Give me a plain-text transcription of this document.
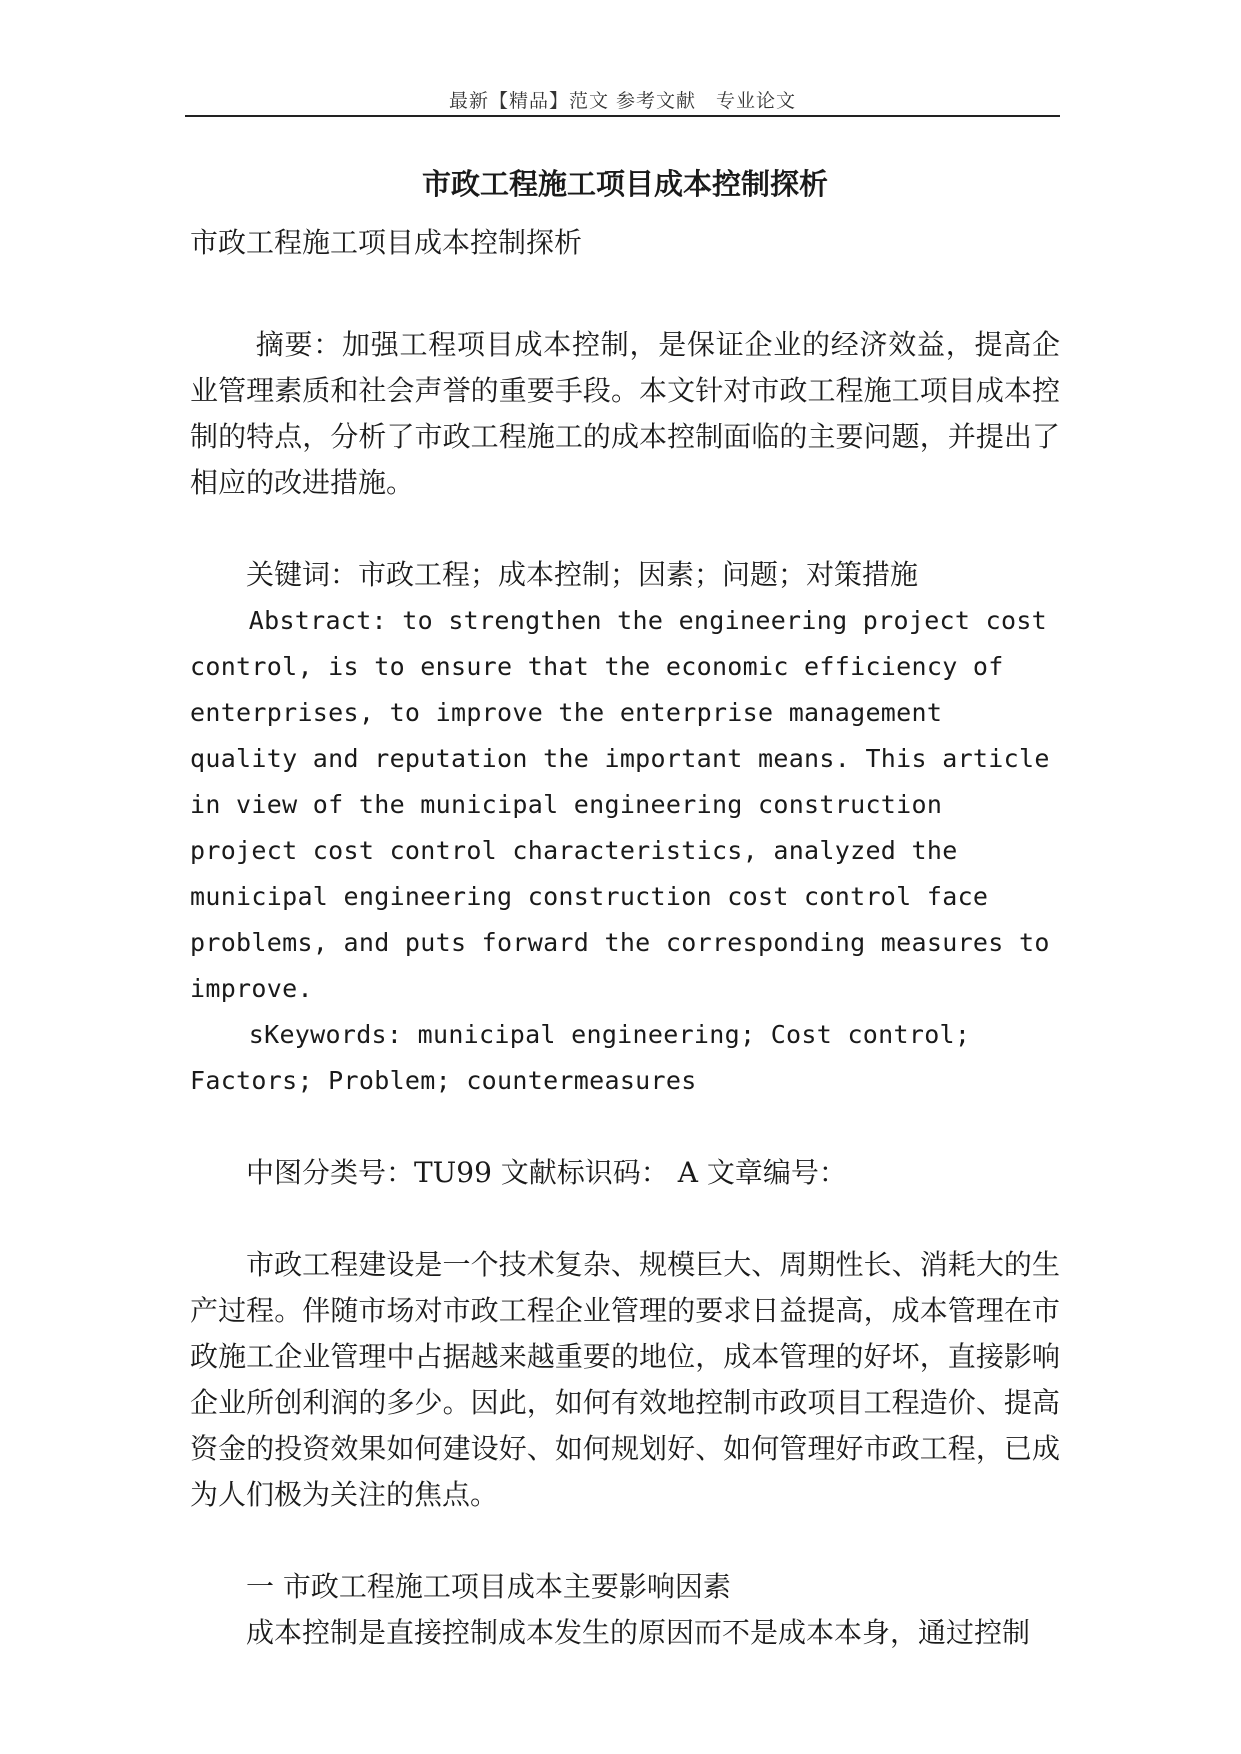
最新【精品】范文 参考文献　专业论文
市政工程施工项目成本控制探析

市政工程施工项目成本控制探析

摘要：加强工程项目成本控制，是保证企业的经济效益，提高企业管理素质和社会声誉的重要手段。本文针对市政工程施工项目成本控制的特点，分析了市政工程施工的成本控制面临的主要问题，并提出了相应的改进措施。

关键词：市政工程；成本控制；因素；问题；对策措施

Abstract: to strengthen the engineering project cost control, is to ensure that the economic efficiency of enterprises, to improve the enterprise management quality and reputation the important means. This article in view of the municipal engineering construction project cost control characteristics, analyzed the municipal engineering construction cost control face problems, and puts forward the corresponding measures to improve.

sKeywords: municipal engineering; Cost control; Factors; Problem; countermeasures

中图分类号：TU99 文献标识码： A 文章编号：

市政工程建设是一个技术复杂、规模巨大、周期性长、消耗大的生产过程。伴随市场对市政工程企业管理的要求日益提高，成本管理在市政施工企业管理中占据越来越重要的地位，成本管理的好坏，直接影响企业所创利润的多少。因此，如何有效地控制市政项目工程造价、提高资金的投资效果如何建设好、如何规划好、如何管理好市政工程，已成为人们极为关注的焦点。

一 市政工程施工项目成本主要影响因素

成本控制是直接控制成本发生的原因而不是成本本身，通过控制
